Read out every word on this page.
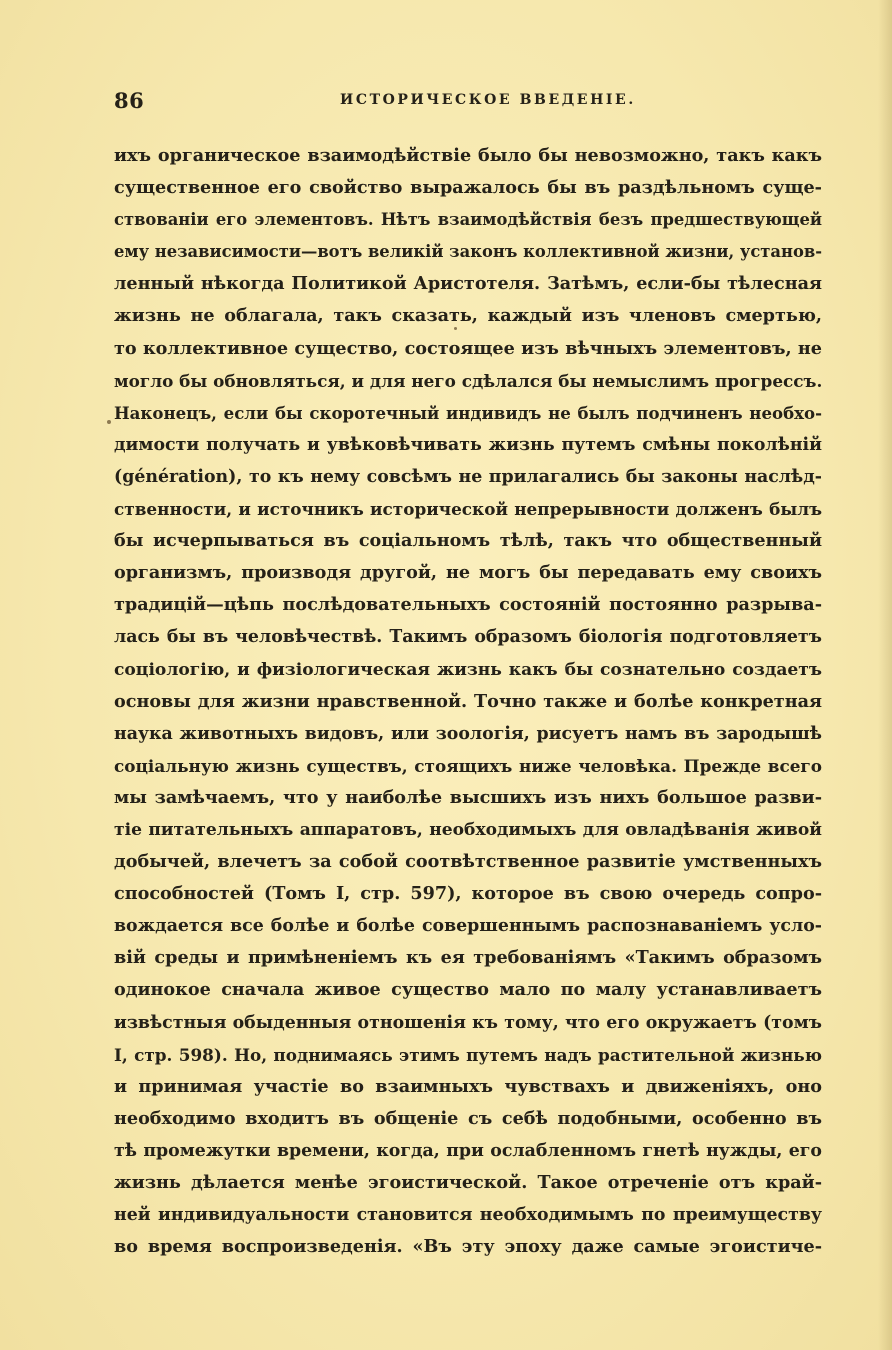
86	ИСТОРИЧЕСКОЕ ВВЕДЕНІЕ.
ихъ органическое взаимодѣйствіе было бы невозможно, такъ какъ
существенное его свойство выражалось бы въ раздѣльномъ суще-
ствованіи его элементовъ. Нѣтъ взаимодѣйствія безъ предшествующей
ему независимости—вотъ великій законъ коллективной жизни, установ-
ленный нѣкогда Политикой Аристотеля. Затѣмъ, если-бы тѣлесная
жизнь не облагала, такъ сказать, каждый изъ членовъ смертью,
то коллективное существо, состоящее изъ вѣчныхъ элементовъ, не
могло бы обновляться, и для него сдѣлался бы немыслимъ прогрессъ.
Наконецъ, если бы скоротечный индивидъ не былъ подчиненъ необхо-
димости получать и увѣковѣчивать жизнь путемъ смѣны поколѣній
(génération), то къ нему совсѣмъ не прилагались бы законы наслѣд-
ственности, и источникъ исторической непрерывности долженъ былъ
бы исчерпываться въ соціальномъ тѣлѣ, такъ что общественный
организмъ, производя другой, не могъ бы передавать ему своихъ
традицій—цѣпь послѣдовательныхъ состояній постоянно разрыва-
лась бы въ человѣчествѣ. Такимъ образомъ біологія подготовляетъ
соціологію, и физіологическая жизнь какъ бы сознательно создаетъ
основы для жизни нравственной. Точно также и болѣе конкретная
наука животныхъ видовъ, или зоологія, рисуетъ намъ въ зародышѣ
соціальную жизнь существъ, стоящихъ ниже человѣка. Прежде всего
мы замѣчаемъ, что у наиболѣе высшихъ изъ нихъ большое разви-
тіе питательныхъ аппаратовъ, необходимыхъ для овладѣванія живой
добычей, влечетъ за собой соотвѣтственное развитіе умственныхъ
способностей (Томъ I, стр. 597), которое въ свою очередь сопро-
вождается все болѣе и болѣе совершеннымъ распознаваніемъ усло-
вій среды и примѣненіемъ къ ея требованіямъ «Такимъ образомъ
одинокое сначала живое существо мало по малу устанавливаетъ
извѣстныя обыденныя отношенія къ тому, что его окружаетъ (томъ
I, стр. 598). Но, поднимаясь этимъ путемъ надъ растительной жизнью
и принимая участіе во взаимныхъ чувствахъ и движеніяхъ, оно
необходимо входитъ въ общеніе съ себѣ подобными, особенно въ
тѣ промежутки времени, когда, при ослабленномъ гнетѣ нужды, его
жизнь дѣлается менѣе эгоистической. Такое отреченіе отъ край-
ней индивидуальности становится необходимымъ по преимуществу
во время воспроизведенія. «Въ эту эпоху даже самые эгоистиче-
